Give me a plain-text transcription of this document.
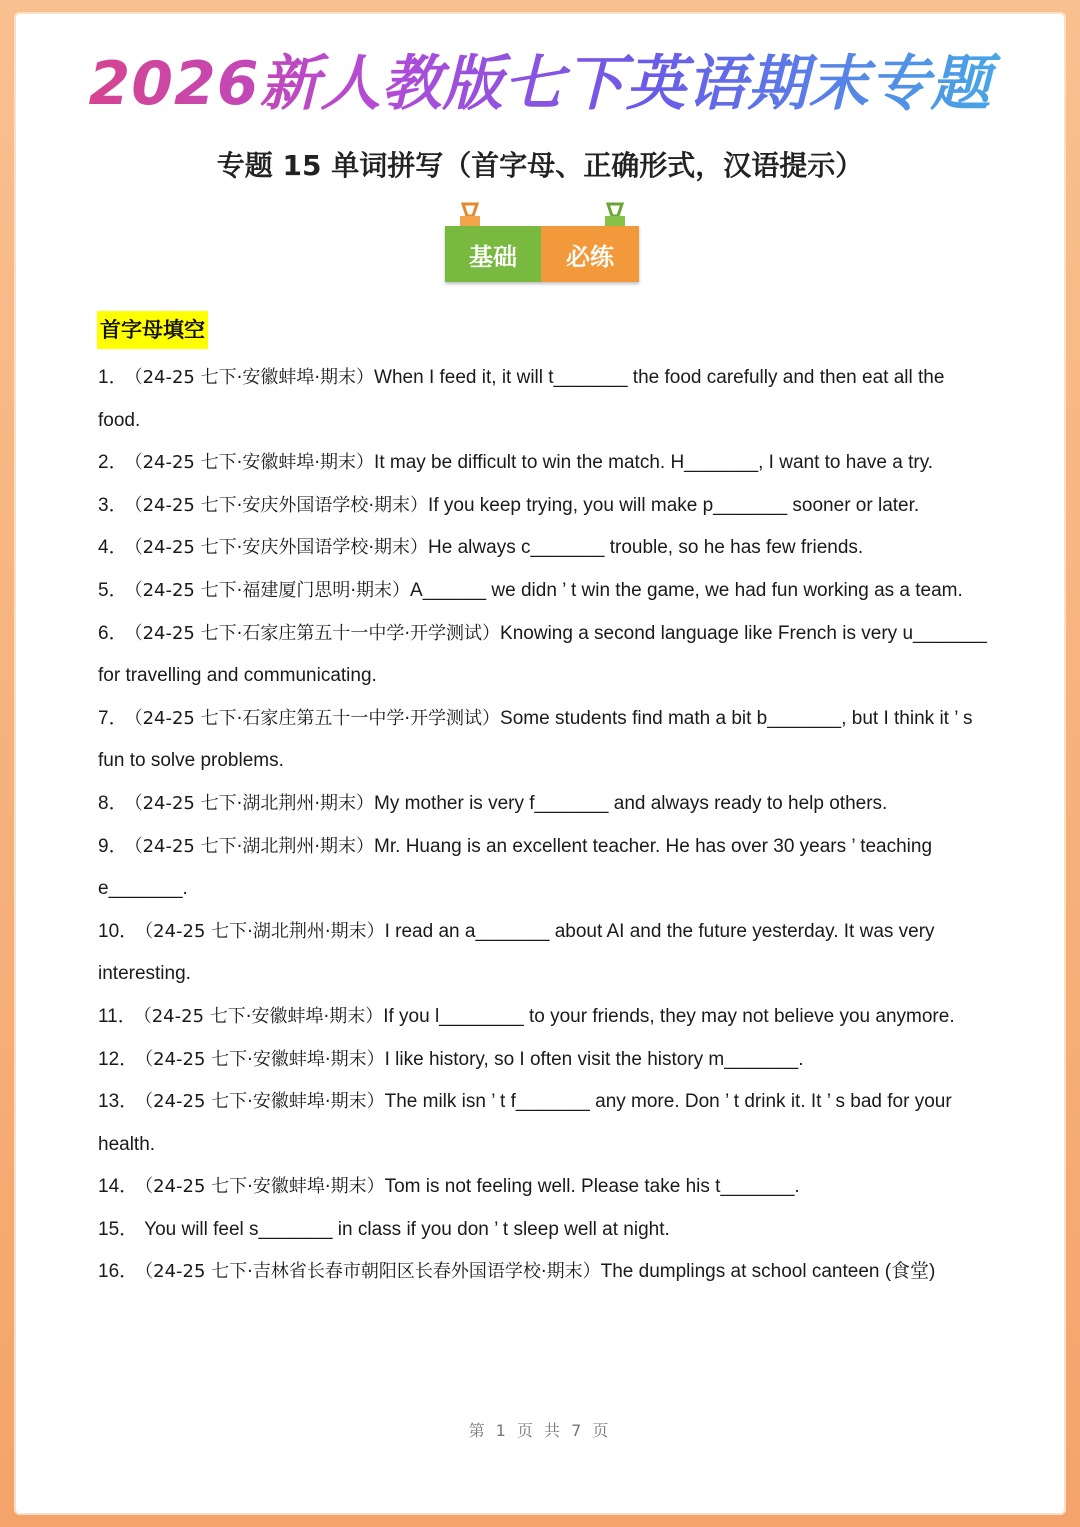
2026新人教版七下英语期末专题
专题 15 单词拼写（首字母、正确形式，汉语提示）
基础	必练
首字母填空

1． （24-25 七下·安徽蚌埠·期末）When I feed it, it will t_______ the food carefully and then eat all the food.

2． （24-25 七下·安徽蚌埠·期末）It may be difficult to win the match. H_______, I want to have a try.

3． （24-25 七下·安庆外国语学校·期末）If you keep trying, you will make p_______ sooner or later.

4． （24-25 七下·安庆外国语学校·期末）He always c_______ trouble, so he has few friends.

5． （24-25 七下·福建厦门思明·期末）A______ we didn ’ t win the game, we had fun working as a team.

6． （24-25 七下·石家庄第五十一中学·开学测试）Knowing a second language like French is very u_______ for travelling and communicating.

7． （24-25 七下·石家庄第五十一中学·开学测试）Some students find math a bit b_______, but I think it ’ s fun to solve problems.

8． （24-25 七下·湖北荆州·期末）My mother is very f_______ and always ready to help others.

9． （24-25 七下·湖北荆州·期末）Mr. Huang is an excellent teacher. He has over 30 years ’ teaching e_______.

10． （24-25 七下·湖北荆州·期末）I read an a_______ about AI and the future yesterday. It was very interesting.

11． （24-25 七下·安徽蚌埠·期末）If you l________ to your friends, they may not believe you anymore.

12． （24-25 七下·安徽蚌埠·期末）I like history, so I often visit the history m_______.

13． （24-25 七下·安徽蚌埠·期末）The milk isn ’ t f_______ any more. Don ’ t drink it. It ’ s bad for your health.

14． （24-25 七下·安徽蚌埠·期末）Tom is not feeling well. Please take his t_______.

15． You will feel s_______ in class if you don ’ t sleep well at night.

16． （24-25 七下·吉林省长春市朝阳区长春外国语学校·期末）The dumplings at school canteen (食堂)

第 1 页 共 7 页
